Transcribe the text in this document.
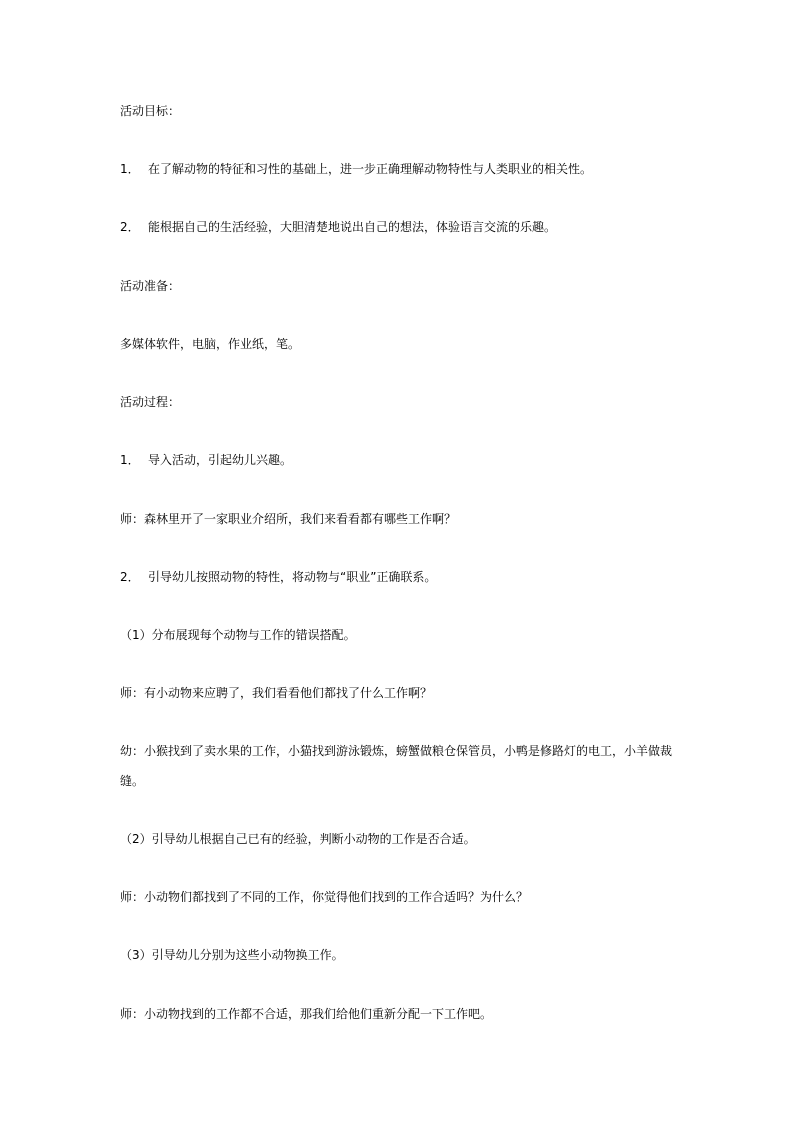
活动目标：
1． 在了解动物的特征和习性的基础上，进一步正确理解动物特性与人类职业的相关性。
2． 能根据自己的生活经验，大胆清楚地说出自己的想法，体验语言交流的乐趣。
活动准备：
多媒体软件，电脑，作业纸，笔。
活动过程：
1． 导入活动，引起幼儿兴趣。
师：森林里开了一家职业介绍所，我们来看看都有哪些工作啊？
2． 引导幼儿按照动物的特性，将动物与“职业”正确联系。
（1）分布展现每个动物与工作的错误搭配。
师：有小动物来应聘了，我们看看他们都找了什么工作啊？
幼：小猴找到了卖水果的工作，小猫找到游泳锻炼，螃蟹做粮仓保管员，小鸭是修路灯的电工，小羊做裁缝。
（2）引导幼儿根据自己已有的经验，判断小动物的工作是否合适。
师：小动物们都找到了不同的工作，你觉得他们找到的工作合适吗？为什么？
（3）引导幼儿分别为这些小动物换工作。
师：小动物找到的工作都不合适，那我们给他们重新分配一下工作吧。
